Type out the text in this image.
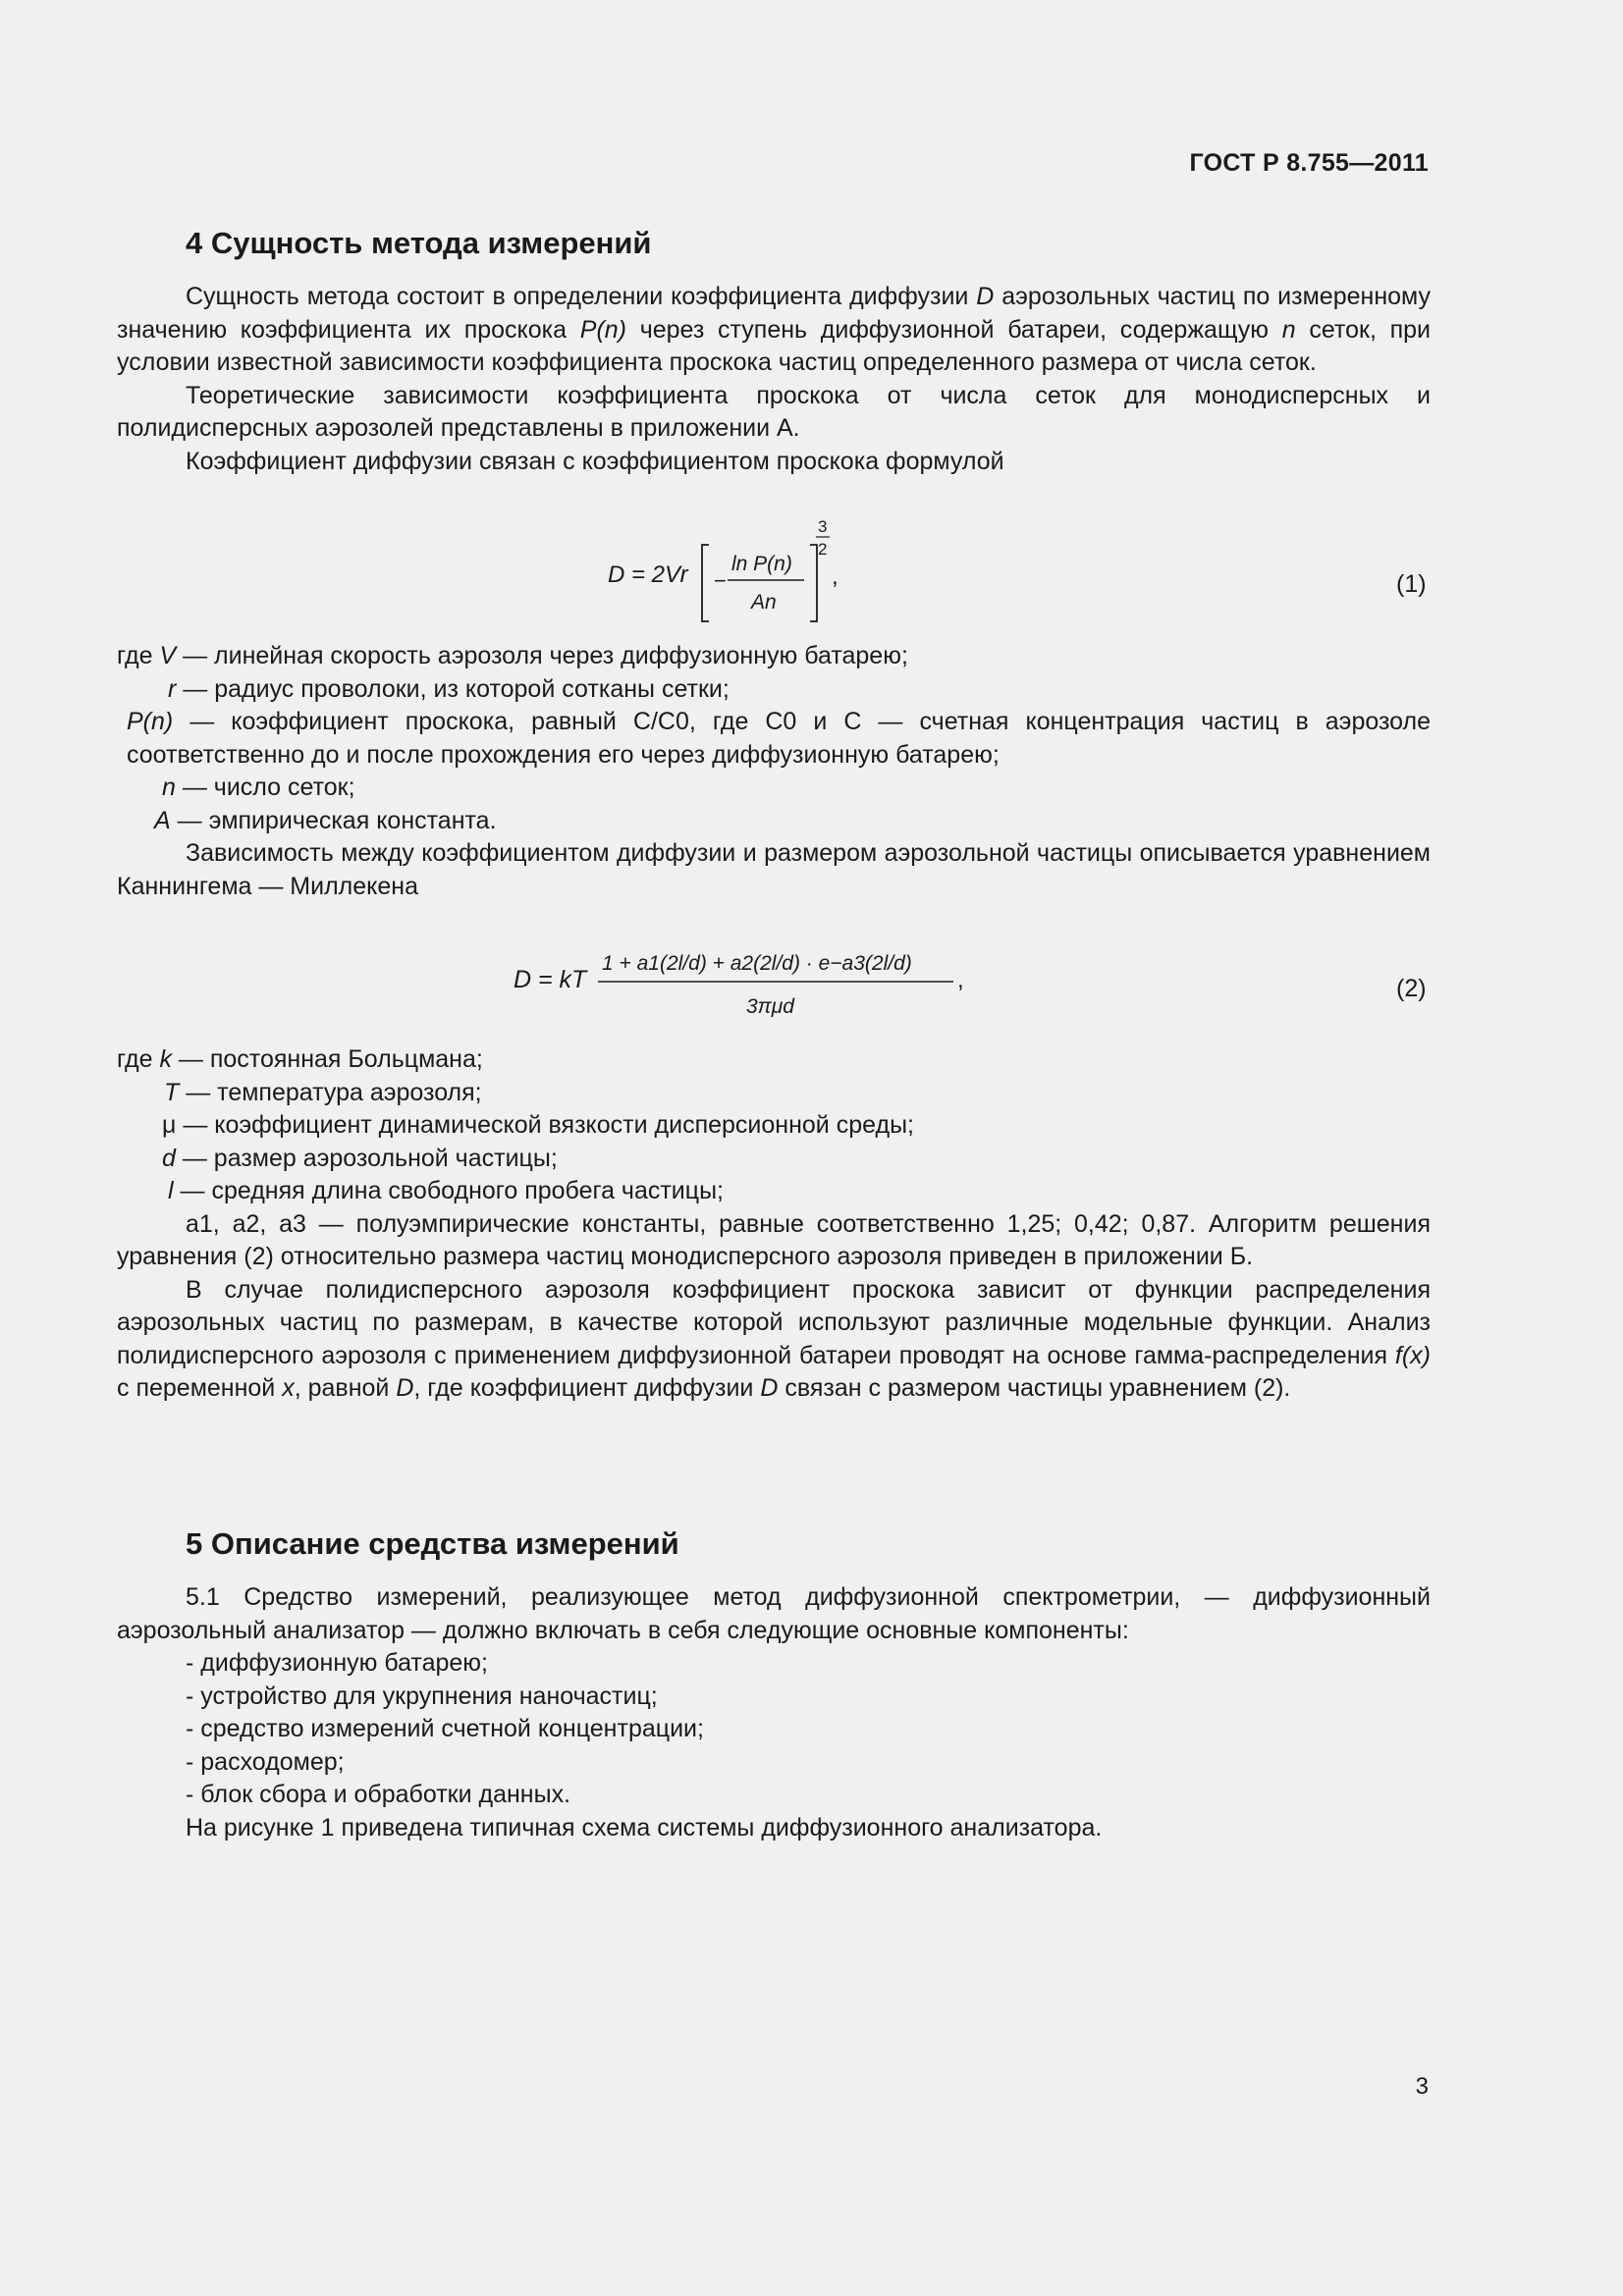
ГОСТ Р 8.755—2011
4 Сущность метода измерений

Сущность метода состоит в определении коэффициента диффузии D аэрозольных частиц по измеренному значению коэффициента их проскока P(n) через ступень диффузионной батареи, содержащую n сеток, при условии известной зависимости коэффициента проскока частиц определенного размера от числа сеток.

Теоретические зависимости коэффициента проскока от числа сеток для монодисперсных и полидисперсных аэрозолей представлены в приложении А.

Коэффициент диффузии связан с коэффициентом проскока формулой

D = 2Vr −
ln P(n)
An
3
2
,	(1)

где V — линейная скорость аэрозоля через диффузионную батарею;

r — радиус проволоки, из которой сотканы сетки;

P(n) — коэффициент проскока, равный C/C0, где C0 и C — счетная концентрация частиц в аэрозоле соответственно до и после прохождения его через диффузионную батарею;

n — число сеток;

A — эмпирическая константа.

Зависимость между коэффициентом диффузии и размером аэрозольной частицы описывается уравнением Каннингема — Миллекена

D = kT
1 + a1(2l/d) + a2(2l/d) · e−a3(2l/d)
3πμd
,	(2)

где k — постоянная Больцмана;

T — температура аэрозоля;

μ — коэффициент динамической вязкости дисперсионной среды;

d — размер аэрозольной частицы;

l — средняя длина свободного пробега частицы;

a1, a2, a3 — полуэмпирические константы, равные соответственно 1,25; 0,42; 0,87. Алгоритм решения уравнения (2) относительно размера частиц монодисперсного аэрозоля приведен в приложении Б.

В случае полидисперсного аэрозоля коэффициент проскока зависит от функции распределения аэрозольных частиц по размерам, в качестве которой используют различные модельные функции. Анализ полидисперсного аэрозоля с применением диффузионной батареи проводят на основе гамма-распределения f(x) с переменной x, равной D, где коэффициент диффузии D связан с размером частицы уравнением (2).

5 Описание средства измерений

5.1 Средство измерений, реализующее метод диффузионной спектрометрии, — диффузионный аэрозольный анализатор — должно включать в себя следующие основные компоненты:

- диффузионную батарею;

- устройство для укрупнения наночастиц;

- средство измерений счетной концентрации;

- расходомер;

- блок сбора и обработки данных.

На рисунке 1 приведена типичная схема системы диффузионного анализатора.

3
